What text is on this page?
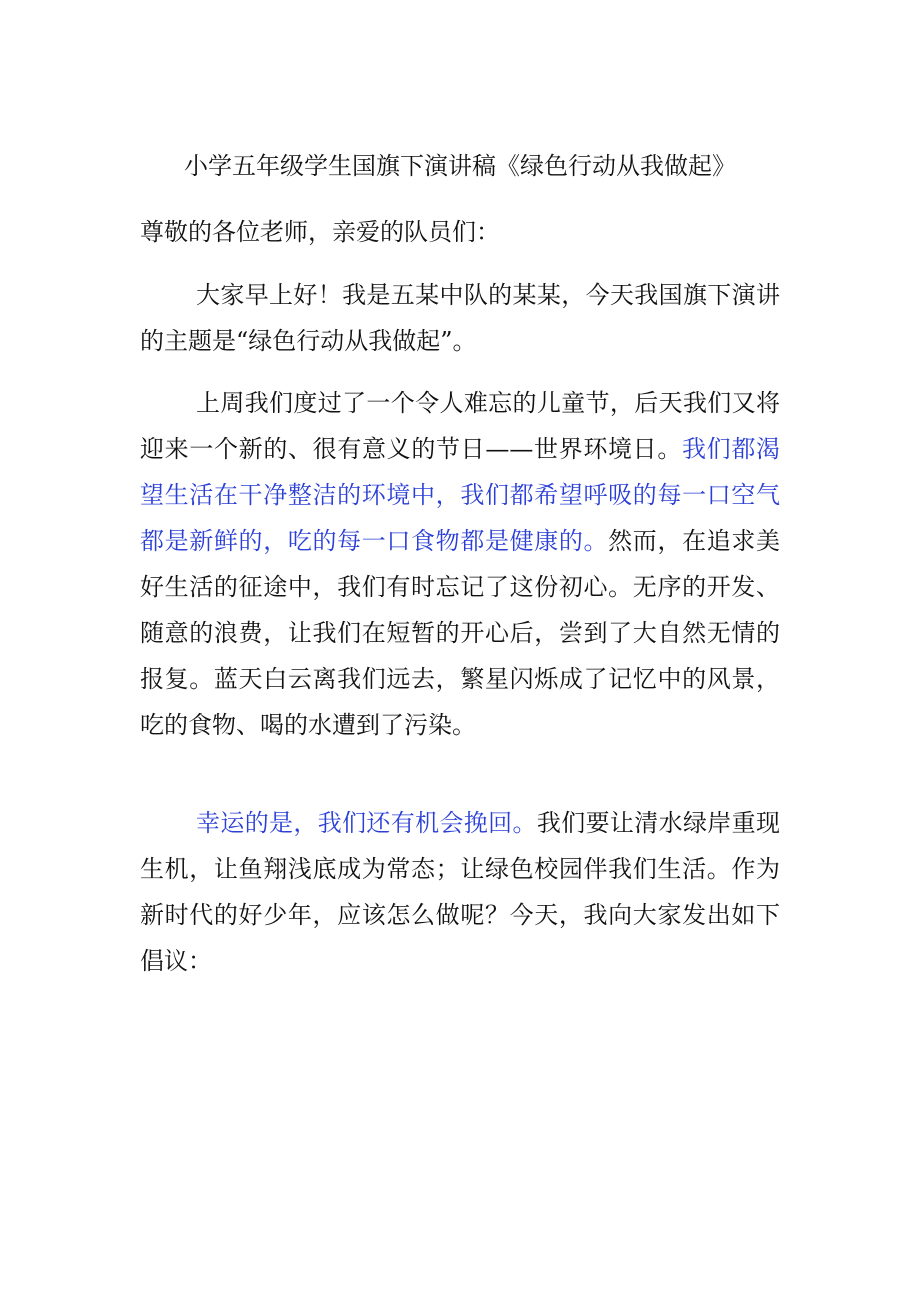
小学五年级学生国旗下演讲稿《绿色行动从我做起》
尊敬的各位老师，亲爱的队员们：

大家早上好！我是五某中队的某某，今天我国旗下演讲的主题是“绿色行动从我做起”。

上周我们度过了一个令人难忘的儿童节，后天我们又将迎来一个新的、很有意义的节日——世界环境日。我们都渴望生活在干净整洁的环境中，我们都希望呼吸的每一口空气都是新鲜的，吃的每一口食物都是健康的。然而，在追求美好生活的征途中，我们有时忘记了这份初心。无序的开发、随意的浪费，让我们在短暂的开心后，尝到了大自然无情的报复。蓝天白云离我们远去，繁星闪烁成了记忆中的风景，吃的食物、喝的水遭到了污染。

幸运的是，我们还有机会挽回。我们要让清水绿岸重现生机，让鱼翔浅底成为常态；让绿色校园伴我们生活。作为新时代的好少年，应该怎么做呢？今天，我向大家发出如下倡议：
